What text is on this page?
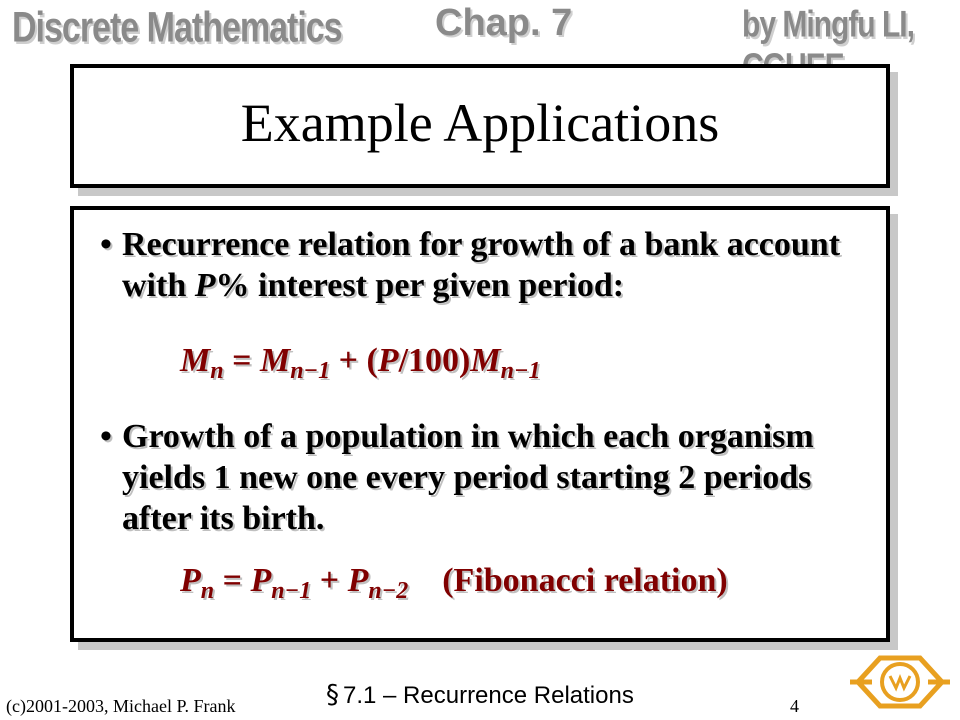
Discrete Mathematics Chap. 7	by Mingfu LI,
Example Applications
• Recurrence relation for growth of a bank account with P% interest per given period:
$M_n = M_{n-1} + (P/100)M_{n-1}$
• Growth of a population in which each organism yields 1 new one every period starting 2 periods after its birth.
$P_n = P_{n-1} + P_{n-2}$ (Fibonacci relation)
(c)2001-2003, Michael P. Frank	§ 7.1 – Recurrence Relations	4
